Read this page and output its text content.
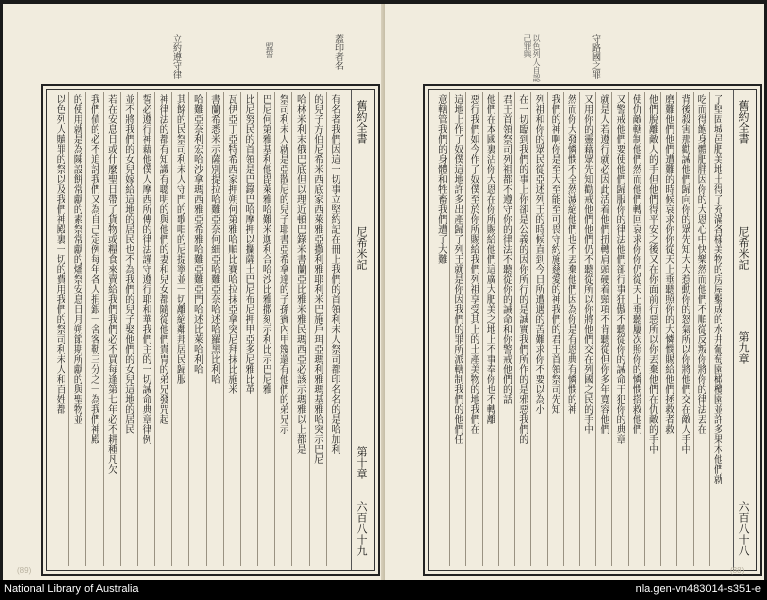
蓋印者名
立約遵守律	盟誓
舊約全書
尼希米記
第十章
六百八十九
有名者我們因這一切事立堅約記在冊上我們的首領利未人祭司都印名名的是哈加利
的兒子方伯尼希米西底家西萊雅亞撒利雅耶利米巴施戶珥亞瑪利雅瑪基雅哈突示巴尼
哈林米利末俄巴底但以理近頓巴錄米書蘭亞比雅米雅民瑪西亞必該示瑪雅以上都是
祭司利未人就是亞散尼的兒子耶書亞希拿達的子孫賓內甲篾還有他們的弟兄示
巴尼何第雅基利他毘萊雅哈難米迦利合哈沙比雅撒刻示利比示巴尼雅
比尼努民的首領是巴錄巴哈摩押以攔薩土巴尼布尼押甲亞多尼雅比革
瓦伊亞丁亞特希西家押朔何第雅哈順比賽哈拉抹亞拿突尼拜抹比施米
書蘭希悉米示薩別提拉哈難亞奈何細亞哈難亞奈哈述哈羅黑比利哈
哈難亞奈利宏哈沙拿瑪西雅亞希雅哈難亞難亞門哈述比萊哈利哈
其餘的民祭司利未人守門的歌唱的尼提寧並一切離絕鄰邦居民歸服
神律法的都有知識有聰明的與他們的妻和兒女都隨從他們貴冑的弟兄發咒起
誓必遵行神藉他僕人摩西所傳的律法謹守遵行耶和華我們主的一切誡命典章律例
並不將我們的女兒嫁給這地的居民也不為我們的兒子娶他們的女兒這地的居民
若在安息日或什麼聖日帶了貨物或糧食來賣給我們我們必不買每逢第七年必不耕種凡欠
我們債的必不追討我們又為自己定例每年各人捐銀一舍客勒三分之一為我們神殿
的使用就是為陳設餅常獻的素祭常獻的燔祭安息日月朔節期所獻的與聖物並
以色列人贖罪的祭以及我們神殿裏一切的費用我們的祭司利未人和百姓都
(89)
守路國之罪
以色列人自認己罪與
舊約全書
尼希米記
第九章
六百八十八
了堅固城邑肥美地土得了充滿各樣美物的房屋鑿成的水井葡萄園橄欖園並許多果木他們就
吃而得飽身體肥胖因你的大恩心中快樂然而他們不順從反叛你將你的律法丟在
背後殺害那勸誡他們歸向你的眾先知大大惹動你的怒氣所以你將他們交在敵人手中
磨難他們他們遭難的時候哀求你你從天上垂聽照你的大憐憫賜給他們拯救者救
他們脫離敵人的手但他們得平安之後又在你面前行惡所以你丟棄他們在仇敵的手中
使仇敵轄制他們然而他們轉回哀求你你仍從天上垂聽屢次照你的憐憫搭救他們
又警戒他們要使他們歸服你的律法他們卻行事狂傲不聽從你的誡命干犯你的典章
就是人若遵行就必因此活着他們扭轉肩頭硬着頸項不肯聽從但你多年寬容他們
又用你的靈藉眾先知勸戒他們他們仍不聽從所以你將他們交在列國之民的手中
然而你大發憐憫不全然滅絕他們也不丟棄他們因為你是有恩典有憐憫的神
我們的神啊你是至大至能至可畏守約施慈愛的神我們的君王首領祭司先知
列祖和你的眾民從亞述列王的時候直到今日所遭遇的苦難求你不要以為小
在一切臨到我們的事上你卻是公義的因你所行的是誠實我們所作的是邪惡我們的
君王首領祭司列祖都不遵守你的律法不聽從你的誡命和你警戒他們的話
他們在本國裏沾你大恩在你所賜給他們這廣大肥美之地上不事奉你也不轉離
惡行我們如今作了奴僕至於你所賜給我們列祖享受其上的土產美物的地我們在
這地上作了奴僕這地許多出產歸了列王就是你因我們的罪所派轄制我們的他們任
意轄管我們的身體和牲畜我們遭了大難
(88)
National Library of Australia	nla.gen-vn483014-s351-e
